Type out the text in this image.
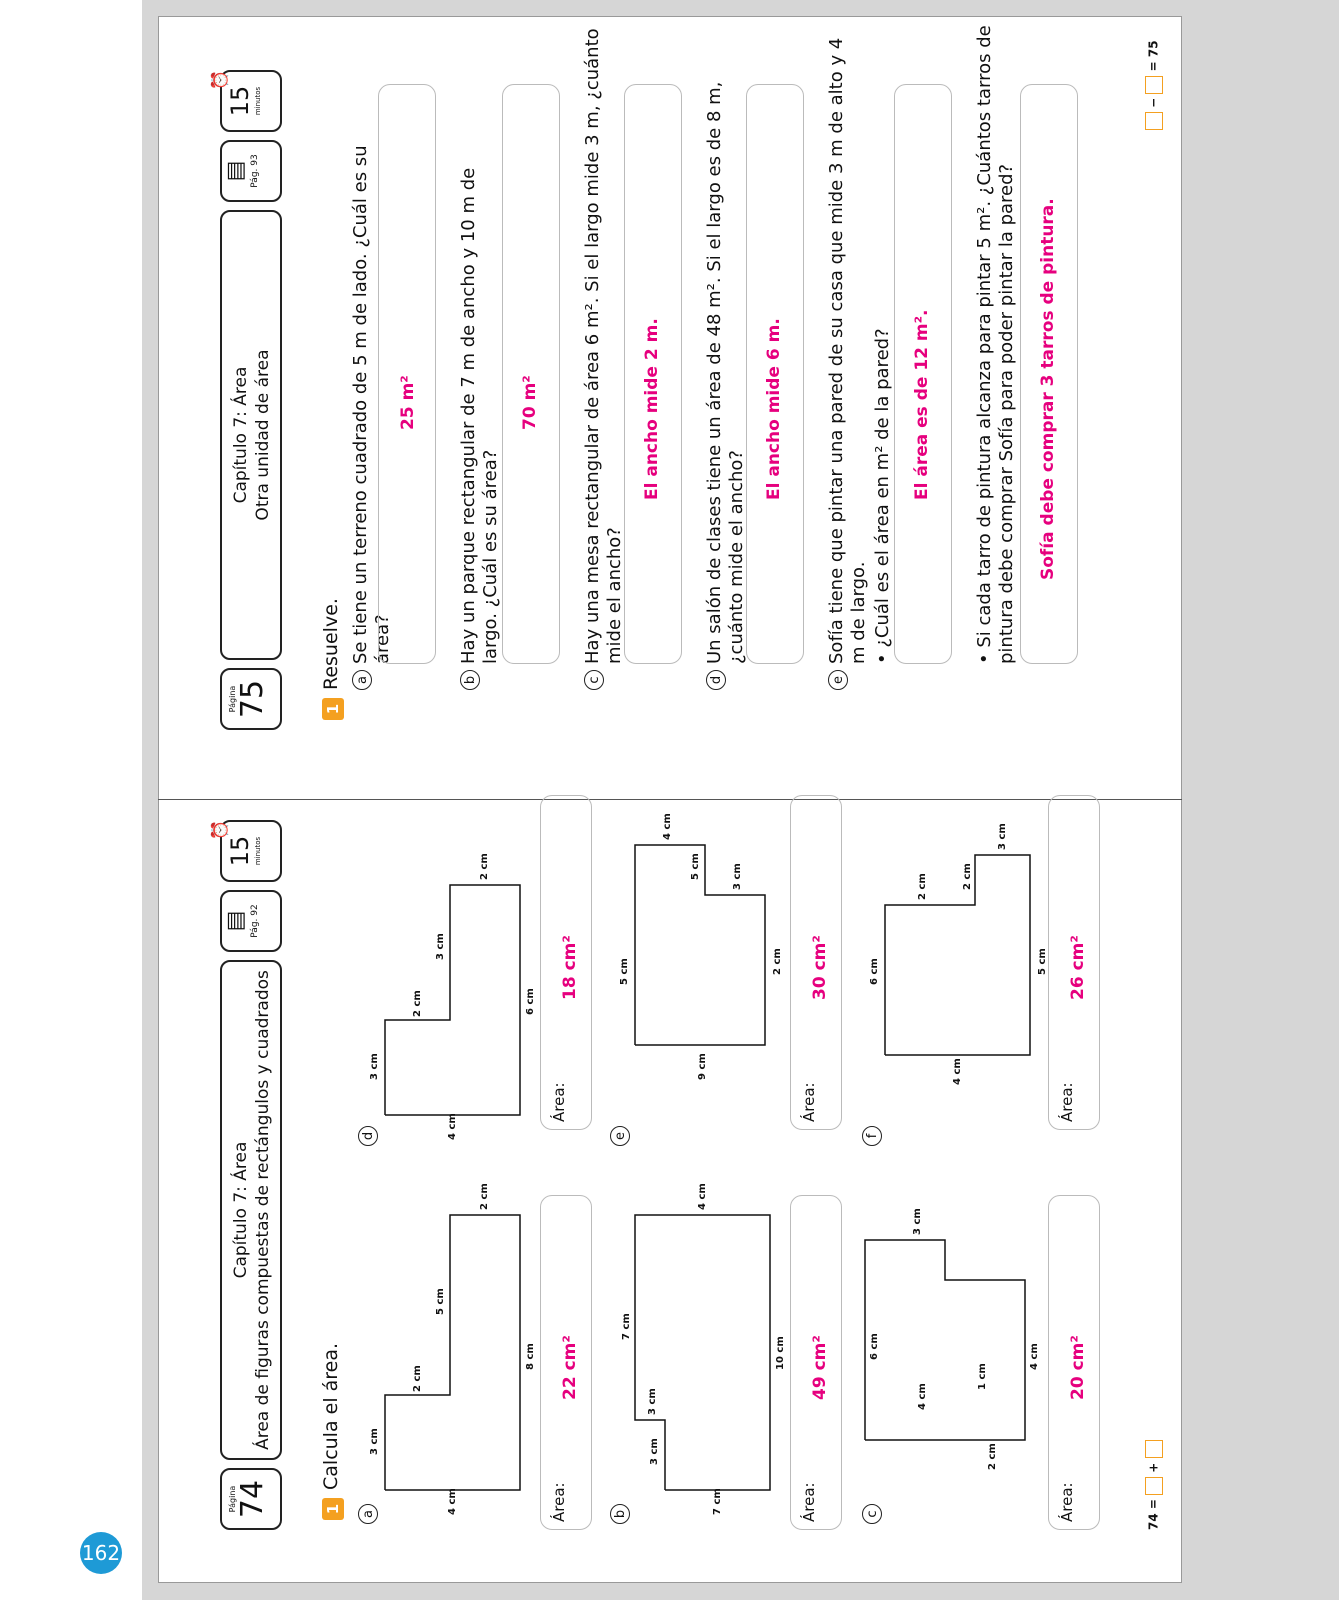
162
Página
74
Capítulo 7: Área Área de figuras compuestas de rectángulos y cuadrados
▤ Pág. 92
15 minutos
⏰
1
Calcula el área.
a	4 cm
3 cm
2 cm
5 cm
2 cm
8 cm
Área:
22 cm²
d	4 cm
3 cm
2 cm
3 cm
2 cm
6 cm
Área:
18 cm²
b	7 cm
3 cm
3 cm
7 cm
4 cm
10 cm
Área:
49 cm²
e
5 cm
4 cm
9 cm
3 cm
5 cm
2 cm
Área:
30 cm²
c
6 cm
3 cm
4 cm
1 cm
2 cm
4 cm
Área:
20 cm²
f
4 cm
6 cm
2 cm	2 cm
3 cm
5 cm
Área:
26 cm²
74 =  +
Página
75
Capítulo 7: Área Otra unidad de área
▤ Pág. 93
15 minutos
⏰
1
Resuelve. a
Se tiene un terreno cuadrado de 5 m de lado. ¿Cuál es su área?
25 m²
b
Hay un parque rectangular de 7 m de ancho y 10 m de largo. ¿Cuál es su área?
70 m²
c
Hay una mesa rectangular de área 6 m². Si el largo mide 3 m, ¿cuánto mide el ancho?
El ancho mide 2 m.
d
Un salón de clases tiene un área de 48 m². Si el largo es de 8 m, ¿cuánto mide el ancho?
El ancho mide 6 m.
e
Sofía tiene que pintar una pared de su casa que mide 3 m de alto y 4 m de largo. • ¿Cuál es el área en m² de la pared? El área es de 12 m². • Si cada tarro de pintura alcanza para pintar 5 m². ¿Cuántos tarros de pintura debe comprar Sofía para poder pintar la pared? Sofía debe comprar 3 tarros de pintura.
−  = 75
